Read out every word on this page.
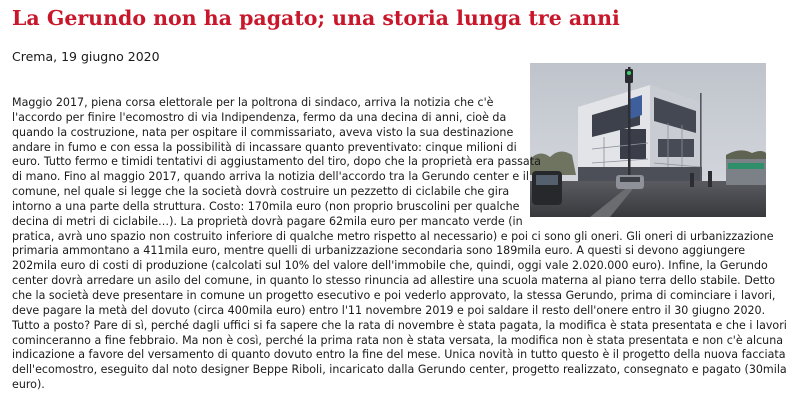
La Gerundo non ha pagato; una storia lunga tre anni
Crema, 19 giugno 2020

Maggio 2017, piena corsa elettorale per la poltrona di sindaco, arriva la notizia che c'è l'accordo per finire l'ecomostro di via Indipendenza, fermo da una decina di anni, cioè da quando la costruzione, nata per ospitare il commissariato, aveva visto la sua destinazione andare in fumo e con essa la possibilità di incassare quanto preventivato: cinque milioni di euro. Tutto fermo e timidi tentativi di aggiustamento del tiro, dopo che la proprietà era passata di mano. Fino al maggio 2017, quando arriva la notizia dell'accordo tra la Gerundo center e il comune, nel quale si legge che la società dovrà costruire un pezzetto di ciclabile che gira intorno a una parte della struttura. Costo: 170mila euro (non proprio bruscolini per qualche decina di metri di ciclabile…). La proprietà dovrà pagare 62mila euro per mancato verde (in pratica, avrà uno spazio non costruito inferiore di qualche metro rispetto al necessario) e poi ci sono gli oneri. Gli oneri di urbanizzazione primaria ammontano a 411mila euro, mentre quelli di urbanizzazione secondaria sono 189mila euro. A questi si devono aggiungere 202mila euro di costi di produzione (calcolati sul 10% del valore dell'immobile che, quindi, oggi vale 2.020.000 euro). Infine, la Gerundo center dovrà arredare un asilo del comune, in quanto lo stesso rinuncia ad allestire una scuola materna al piano terra dello stabile. Detto che la società deve presentare in comune un progetto esecutivo e poi vederlo approvato, la stessa Gerundo, prima di cominciare i lavori, deve pagare la metà del dovuto (circa 400mila euro) entro l'11 novembre 2019 e poi saldare il resto dell'onere entro il 30 giugno 2020. Tutto a posto? Pare di sì, perché dagli uffici si fa sapere che la rata di novembre è stata pagata, la modifica è stata presentata e che i lavori cominceranno a fine febbraio. Ma non è così, perché la prima rata non è stata versata, la modifica non è stata presentata e non c'è alcuna indicazione a favore del versamento di quanto dovuto entro la fine del mese. Unica novità in tutto questo è il progetto della nuova facciata dell'ecomostro, eseguito dal noto designer Beppe Riboli, incaricato dalla Gerundo center, progetto realizzato, consegnato e pagato (30mila euro).
